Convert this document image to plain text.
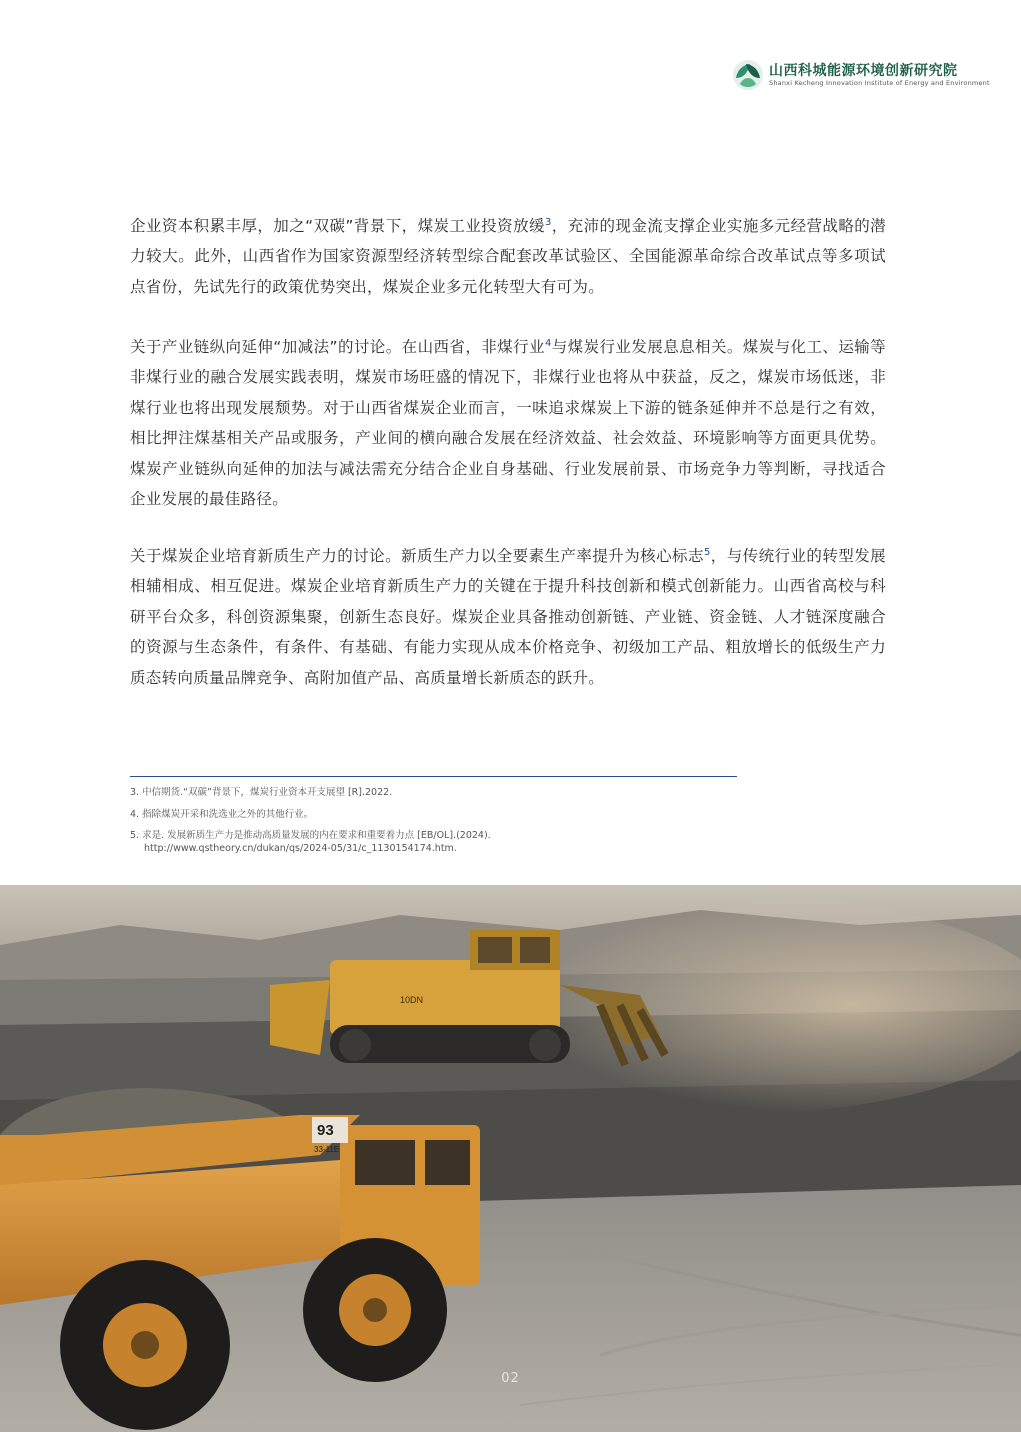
山西科城能源环境创新研究院
Shanxi Kecheng Innovation Institute of Energy and Environment

企业资本积累丰厚，加之“双碳”背景下，煤炭工业投资放缓$^3$，充沛的现金流支撑企业实施多元经营战略的潜力较大。此外，山西省作为国家资源型经济转型综合配套改革试验区、全国能源革命综合改革试点等多项试点省份，先试先行的政策优势突出，煤炭企业多元化转型大有可为。

关于产业链纵向延伸“加减法”的讨论。在山西省，非煤行业$^4$与煤炭行业发展息息相关。煤炭与化工、运输等非煤行业的融合发展实践表明，煤炭市场旺盛的情况下，非煤行业也将从中获益，反之，煤炭市场低迷，非煤行业也将出现发展颓势。对于山西省煤炭企业而言，一味追求煤炭上下游的链条延伸并不总是行之有效，相比押注煤基相关产品或服务，产业间的横向融合发展在经济效益、社会效益、环境影响等方面更具优势。煤炭产业链纵向延伸的加法与减法需充分结合企业自身基础、行业发展前景、市场竞争力等判断，寻找适合企业发展的最佳路径。

关于煤炭企业培育新质生产力的讨论。新质生产力以全要素生产率提升为核心标志$^5$，与传统行业的转型发展相辅相成、相互促进。煤炭企业培育新质生产力的关键在于提升科技创新和模式创新能力。山西省高校与科研平台众多，科创资源集聚，创新生态良好。煤炭企业具备推动创新链、产业链、资金链、人才链深度融合的资源与生态条件，有条件、有基础、有能力实现从成本价格竞争、初级加工产品、粗放增长的低级生产力质态转向质量品牌竞争、高附加值产品、高质量增长新质态的跃升。

3. 中信期货.“双碳”背景下，煤炭行业资本开支展望 [R].2022.

4. 指除煤炭开采和洗选业之外的其他行业。

5. 求是. 发展新质生产力是推动高质量发展的内在要求和重要着力点 [EB/OL].(2024).

http://www.qstheory.cn/dukan/qs/2024-05/31/c_1130154174.htm.

10DN
93
33-11E
02
